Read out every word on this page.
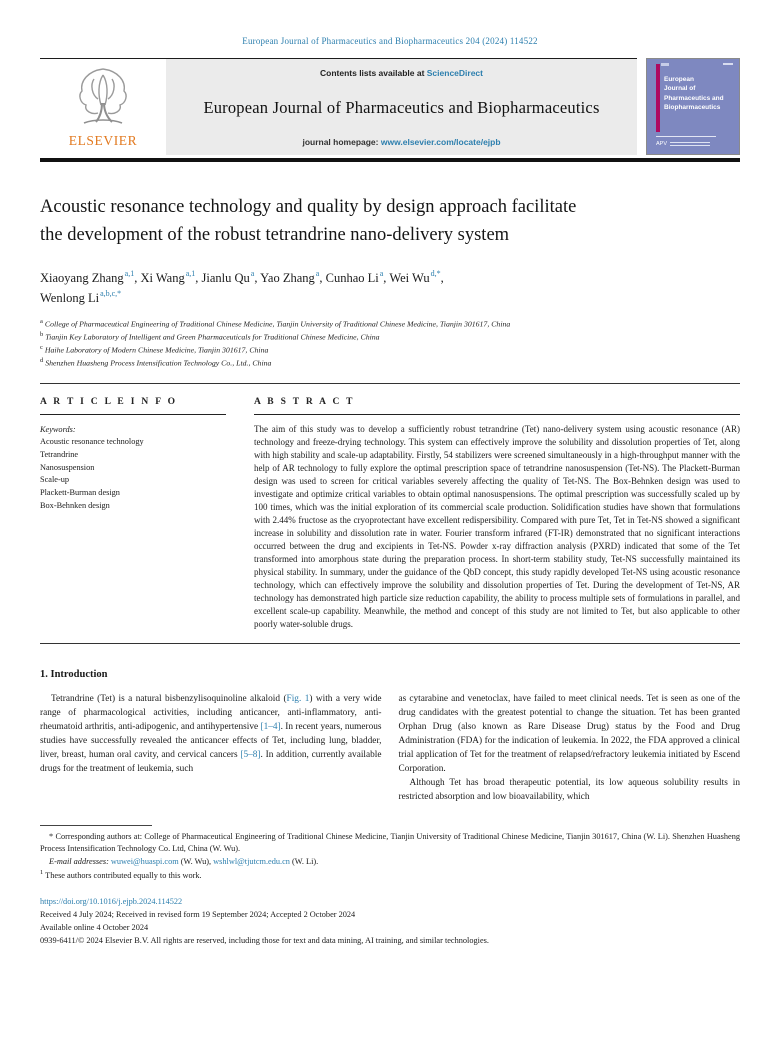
European Journal of Pharmaceutics and Biopharmaceutics 204 (2024) 114522
ELSEVIER
Contents lists available at ScienceDirect
European Journal of Pharmaceutics and Biopharmaceutics
journal homepage: www.elsevier.com/locate/ejpb
European
Journal of
Pharmaceutics and
Biopharmaceutics
APV
Acoustic resonance technology and quality by design approach facilitate
the development of the robust tetrandrine nano-delivery system
Xiaoyang Zhang$^{a,1}$ , Xi Wang$^{a,1}$ , Jianlu Qu$^a$ , Yao Zhang$^a$ , Cunhao Li$^a$ , Wei $Wu^{d,*}$ ,
Wenlong $Li^{a,b,c,*}$
$^a$ College of Pharmaceutical Engineering of Traditional Chinese Medicine, Tianjin University of Traditional Chinese Medicine, Tianjin 301617, China
$^b$ Tianjin Key Laboratory of Intelligent and Green Pharmaceuticals for Traditional Chinese Medicine, China
$^c$ Haihe Laboratory of Modern Chinese Medicine, Tianjin 301617, China
$^d$ Shenzhen Huasheng Process Intensification Technology Co., Ltd., China
A R T I C L E I N F O
Keywords:
Acoustic resonance technology
Tetrandrine
Nanosuspension
Scale-up
Plackett-Burman design
Box-Behnken design
A B S T R A C T
The aim of this study was to develop a sufficiently robust tetrandrine (Tet) nano-delivery system using acoustic resonance (AR) technology and freeze-drying technology. This system can effectively improve the solubility and dissolution properties of Tet, along with high stability and scale-up adaptability. Firstly, 54 stabilizers were screened simultaneously in a high-throughput manner with the help of AR technology to fully explore the optimal prescription space of tetrandrine nanosuspension (Tet-NS). The Plackett-Burman design was used to screen for critical variables severely affecting the quality of Tet-NS. The Box-Behnken design was used to investigate and optimize critical variables to obtain optimal nanosuspensions. The optimal prescription was successfully scaled up by 100 times, which was the initial exploration of its commercial scale production. Solidification studies have shown that formulations with 2.44% fructose as the cryoprotectant have excellent redispersibility. Compared with pure Tet, Tet in Tet-NS showed a significant increase in solubility and dissolution rate in water. Fourier transform infrared (FT-IR) demonstrated that no significant interactions occurred between the drug and excipients in Tet-NS. Powder x-ray diffraction analysis (PXRD) indicated that some of the Tet transformed into amorphous state during the preparation process. In short-term stability study, Tet-NS successfully maintained its physical stability. In summary, under the guidance of the QbD concept, this study rapidly developed Tet-NS using acoustic resonance technology, which can effectively improve the solubility and dissolution properties of Tet. During the development of Tet-NS, AR technology has demonstrated high particle size reduction capability, the ability to process multiple sets of formulations in parallel, and excellent scale-up capability. Meanwhile, the method and concept of this study are not limited to Tet, but also applicable to other poorly water-soluble drugs.
1. Introduction

Tetrandrine (Tet) is a natural bisbenzylisoquinoline alkaloid (Fig. 1) with a very wide range of pharmacological activities, including anticancer, anti-inflammatory, anti-rheumatoid arthritis, anti-adipogenic, and antihypertensive [1–4]. In recent years, numerous studies have successfully revealed the anticancer effects of Tet, including lung, bladder, liver, breast, human oral cavity, and cervical cancers [5–8]. In addition, currently available drugs for the treatment of leukemia, such

as cytarabine and venetoclax, have failed to meet clinical needs. Tet is seen as one of the drug candidates with the greatest potential to change the situation. Tet has been granted Orphan Drug (also known as Rare Disease Drug) status by the Food and Drug Administration (FDA) for the indication of leukemia. In 2022, the FDA approved a clinical trial application of Tet for the treatment of relapsed/refractory leukemia initiated by Escend Corporation.

Although Tet has broad therapeutic potential, its low aqueous solubility results in restricted absorption and low bioavailability, which

* Corresponding authors at: College of Pharmaceutical Engineering of Traditional Chinese Medicine, Tianjin University of Traditional Chinese Medicine, Tianjin 301617, China (W. Li). Shenzhen Huasheng Process Intensification Technology Co. Ltd, China (W. Wu).

E-mail addresses: wuwei@huaspi.com (W. Wu), wshlwl@tjutcm.edu.cn (W. Li).

$^1$ These authors contributed equally to this work.

https://doi.org/10.1016/j.ejpb.2024.114522

Received 4 July 2024; Received in revised form 19 September 2024; Accepted 2 October 2024

Available online 4 October 2024

0939-6411/© 2024 Elsevier B.V. All rights are reserved, including those for text and data mining, AI training, and similar technologies.
